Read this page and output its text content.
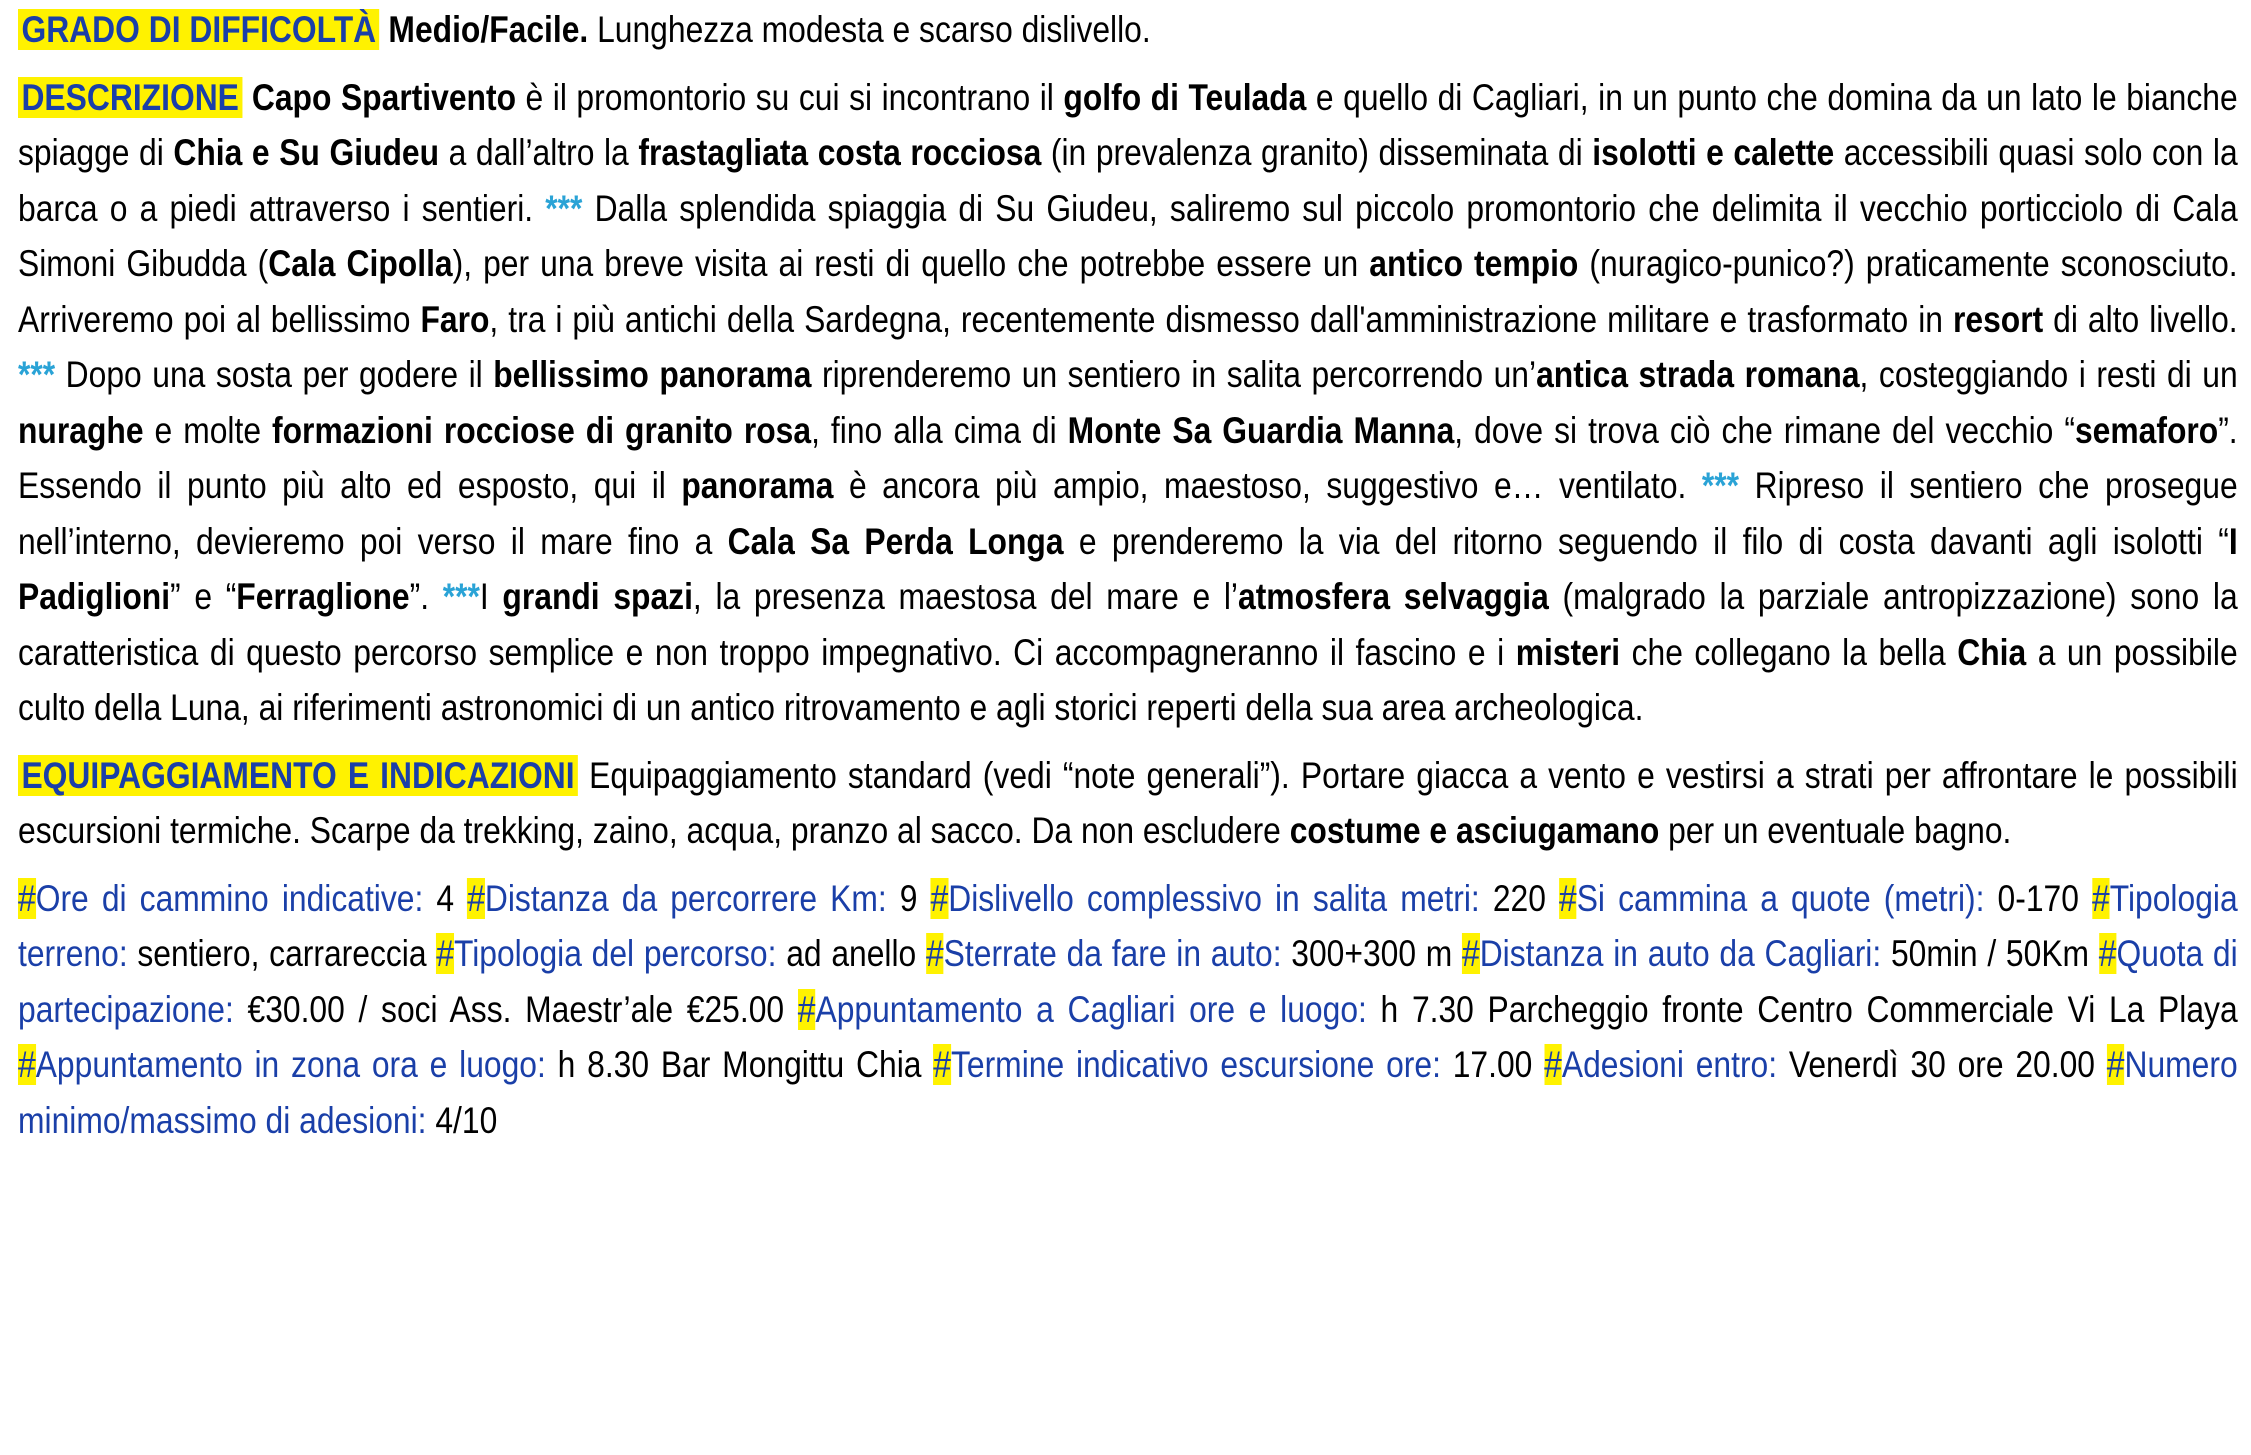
GRADO DI DIFFICOLTÀ Medio/Facile. Lunghezza modesta e scarso dislivello.

DESCRIZIONE Capo Spartivento è il promontorio su cui si incontrano il golfo di Teulada e quello di Cagliari, in un punto che domina da un lato le bianche spiagge di Chia e Su Giudeu a dall’altro la frastagliata costa rocciosa (in prevalenza granito) disseminata di isolotti e calette accessibili quasi solo con la barca o a piedi attraverso i sentieri. *** Dalla splendida spiaggia di Su Giudeu, saliremo sul piccolo promontorio che delimita il vecchio porticciolo di Cala Simoni Gibudda (Cala Cipolla), per una breve visita ai resti di quello che potrebbe essere un antico tempio (nuragico-punico?) praticamente sconosciuto. Arriveremo poi al bellissimo Faro, tra i più antichi della Sardegna, recentemente dismesso dall'amministrazione militare e trasformato in resort di alto livello. *** Dopo una sosta per godere il bellissimo panorama riprenderemo un sentiero in salita percorrendo un’antica strada romana, costeggiando i resti di un nuraghe e molte formazioni rocciose di granito rosa, fino alla cima di Monte Sa Guardia Manna, dove si trova ciò che rimane del vecchio “semaforo”. Essendo il punto più alto ed esposto, qui il panorama è ancora più ampio, maestoso, suggestivo e… ventilato. *** Ripreso il sentiero che prosegue nell’interno, devieremo poi verso il mare fino a Cala Sa Perda Longa e prenderemo la via del ritorno seguendo il filo di costa davanti agli isolotti “I Padiglioni” e “Ferraglione”. ***I grandi spazi, la presenza maestosa del mare e l’atmosfera selvaggia (malgrado la parziale antropizzazione) sono la caratteristica di questo percorso semplice e non troppo impegnativo. Ci accompagneranno il fascino e i misteri che collegano la bella Chia a un possibile culto della Luna, ai riferimenti astronomici di un antico ritrovamento e agli storici reperti della sua area archeologica.

EQUIPAGGIAMENTO E INDICAZIONI Equipaggiamento standard (vedi “note generali”). Portare giacca a vento e vestirsi a strati per affrontare le possibili escursioni termiche. Scarpe da trekking, zaino, acqua, pranzo al sacco. Da non escludere costume e asciugamano per un eventuale bagno.

#Ore di cammino indicative: 4 #Distanza da percorrere Km: 9 #Dislivello complessivo in salita metri: 220 #Si cammina a quote (metri): 0-170 #Tipologia terreno: sentiero, carrareccia #Tipologia del percorso: ad anello #Sterrate da fare in auto: 300+300 m #Distanza in auto da Cagliari: 50min / 50Km #Quota di partecipazione: €30.00 / soci Ass. Maestr’ale €25.00 #Appuntamento a Cagliari ore e luogo: h 7.30 Parcheggio fronte Centro Commerciale Vi La Playa #Appuntamento in zona ora e luogo: h 8.30 Bar Mongittu Chia #Termine indicativo escursione ore: 17.00 #Adesioni entro: Venerdì 30 ore 20.00 #Numero minimo/massimo di adesioni: 4/10
